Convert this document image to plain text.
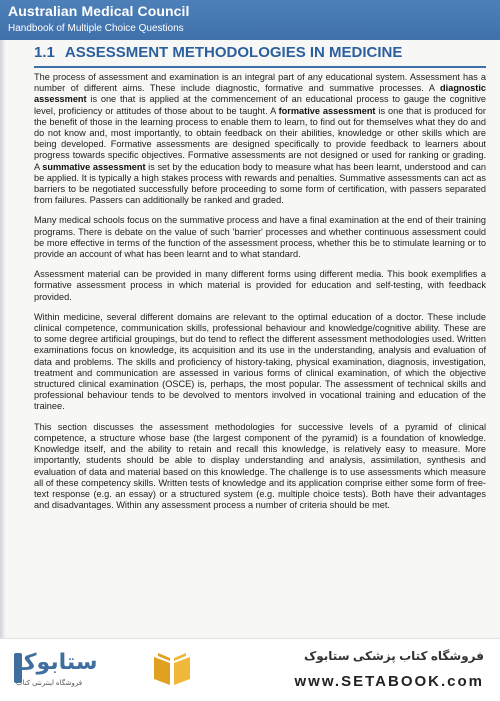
Australian Medical Council
Handbook of Multiple Choice Questions
1.1 ASSESSMENT METHODOLOGIES IN MEDICINE

The process of assessment and examination is an integral part of any educational system. Assessment has a number of different aims. These include diagnostic, formative and summative processes. A diagnostic assessment is one that is applied at the commencement of an educational process to gauge the cognitive level, proficiency or attitudes of those about to be taught. A formative assessment is one that is produced for the benefit of those in the learning process to enable them to learn, to find out for themselves what they do and do not know and, most importantly, to obtain feedback on their abilities, knowledge or other skills which are being developed. Formative assessments are designed specifically to provide feedback to learners about progress towards specific objectives. Formative assessments are not designed or used for ranking or grading. A summative assessment is set by the education body to measure what has been learnt, understood and can be applied. It is typically a high stakes process with rewards and penalties. Summative assessments can act as barriers to be negotiated successfully before proceeding to some form of certification, with passers separated from failures. Passers can additionally be ranked and graded.

Many medical schools focus on the summative process and have a final examination at the end of their training programs. There is debate on the value of such 'barrier' processes and whether continuous assessment could be more effective in terms of the function of the assessment process, whether this be to stimulate learning or to provide an account of what has been learnt and to what standard.

Assessment material can be provided in many different forms using different media. This book exemplifies a formative assessment process in which material is provided for education and self-testing, with feedback provided.

Within medicine, several different domains are relevant to the optimal education of a doctor. These include clinical competence, communication skills, professional behaviour and knowledge/cognitive ability. These are to some degree artificial groupings, but do tend to reflect the different assessment methodologies used. Written examinations focus on knowledge, its acquisition and its use in the understanding, analysis and evaluation of data and problems. The skills and proficiency of history-taking, physical examination, diagnosis, investigation, treatment and communication are assessed in various forms of clinical examination, of which the objective structured clinical examination (OSCE) is, perhaps, the most popular. The assessment of technical skills and professional behaviour tends to be devolved to mentors involved in vocational training and education of the trainee.

This section discusses the assessment methodologies for successive levels of a pyramid of clinical competence, a structure whose base (the largest component of the pyramid) is a foundation of knowledge. Knowledge itself, and the ability to retain and recall this knowledge, is relatively easy to measure. More importantly, students should be able to display understanding and analysis, assimilation, synthesis and evaluation of data and material based on this knowledge. The challenge is to use assessments which measure all of these competency skills. Written tests of knowledge and its application comprise either some form of free-text response (e.g. an essay) or a structured system (e.g. multiple choice tests). Both have their advantages and disadvantages. Within any assessment process a number of criteria should be met.

ستابوک
فروشگاه اینترنتی کتاب
فروشگاه کتاب پزشکی ستابوک
www.SETABOOK.com
